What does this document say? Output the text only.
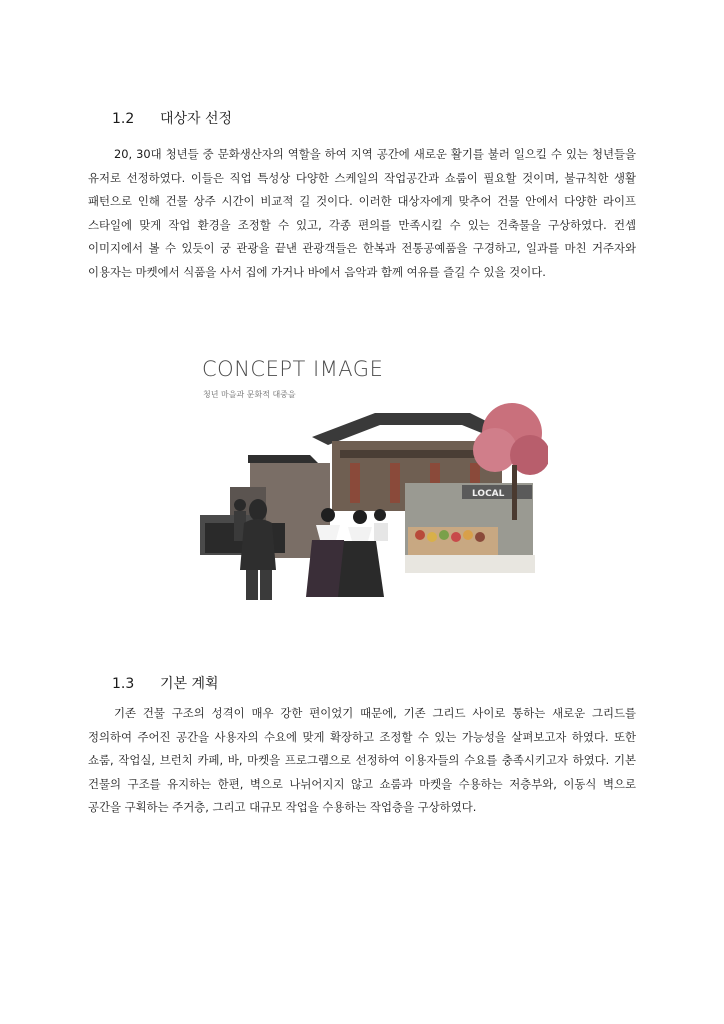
1.2 대상자 선정

20, 30대 청년들 중 문화생산자의 역할을 하여 지역 공간에 새로운 활기를 불러 일으킬 수 있는 청년들을 유저로 선정하였다. 이들은 직업 특성상 다양한 스케일의 작업공간과 쇼룸이 필요할 것이며, 불규칙한 생활 패턴으로 인해 건물 상주 시간이 비교적 길 것이다. 이러한 대상자에게 맞추어 건물 안에서 다양한 라이프 스타일에 맞게 작업 환경을 조정할 수 있고, 각종 편의를 만족시킬 수 있는 건축물을 구상하였다. 컨셉 이미지에서 볼 수 있듯이 궁 관광을 끝낸 관광객들은 한복과 전통공예품을 구경하고, 일과를 마친 거주자와 이용자는 마켓에서 식품을 사서 집에 가거나 바에서 음악과 함께 여유를 즐길 수 있을 것이다.

LOCAL
CONCEPT IMAGE
청년 마을과 문화적 대중을
1.3 기본 계획

기존 건물 구조의 성격이 매우 강한 편이었기 때문에, 기존 그리드 사이로 통하는 새로운 그리드를 정의하여 주어진 공간을 사용자의 수요에 맞게 확장하고 조정할 수 있는 가능성을 살펴보고자 하였다. 또한 쇼룸, 작업실, 브런치 카페, 바, 마켓을 프로그램으로 선정하여 이용자들의 수요를 충족시키고자 하였다. 기본 건물의 구조를 유지하는 한편, 벽으로 나뉘어지지 않고 쇼룸과 마켓을 수용하는 저층부와, 이동식 벽으로 공간을 구획하는 주거층, 그리고 대규모 작업을 수용하는 작업층을 구상하였다.
